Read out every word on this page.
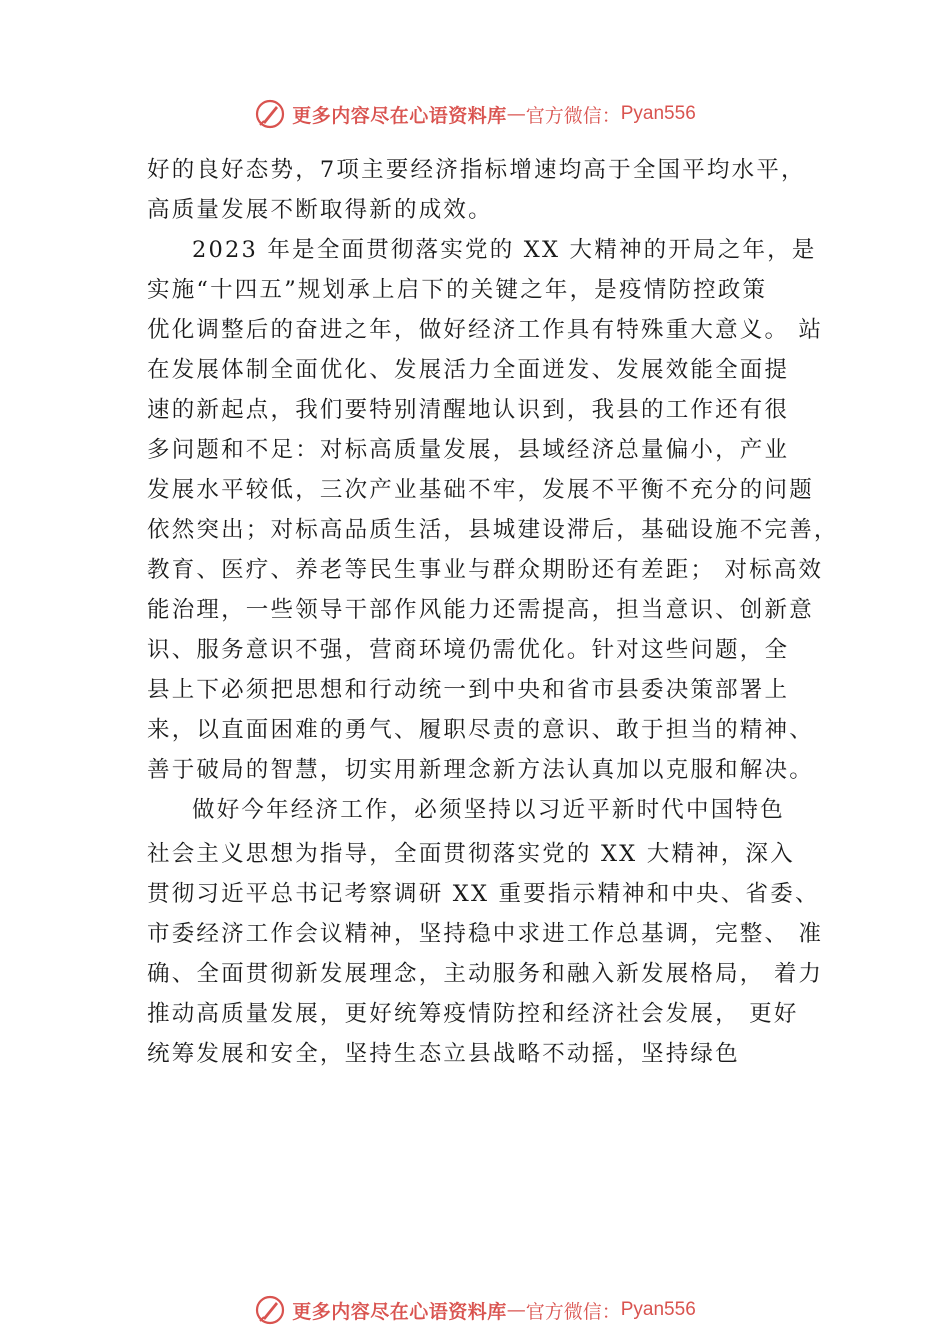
更多内容尽在心语资料库 — 官方微信： Pyan556
好的良好态势，7项主要经济指标增速均高于全国平均水平，
高质量发展不断取得新的成效。
2023 年是全面贯彻落实党的 XX 大精神的开局之年，是
实施“十四五”规划承上启下的关键之年，是疫情防控政策
优化调整后的奋进之年，做好经济工作具有特殊重大意义。 站
在发展体制全面优化、发展活力全面迸发、发展效能全面提
速的新起点，我们要特别清醒地认识到，我县的工作还有很
多问题和不足：对标高质量发展，县域经济总量偏小，产业
发展水平较低，三次产业基础不牢，发展不平衡不充分的问题
依然突出；对标高品质生活，县城建设滞后，基础设施不完善，
教育、医疗、养老等民生事业与群众期盼还有差距； 对标高效
能治理，一些领导干部作风能力还需提高，担当意识、创新意
识、服务意识不强，营商环境仍需优化。针对这些问题，全
县上下必须把思想和行动统一到中央和省市县委决策部署上
来，以直面困难的勇气、履职尽责的意识、敢于担当的精神、
善于破局的智慧，切实用新理念新方法认真加以克服和解决。
做好今年经济工作，必须坚持以习近平新时代中国特色
社会主义思想为指导，全面贯彻落实党的 XX 大精神，深入
贯彻习近平总书记考察调研 XX 重要指示精神和中央、省委、
市委经济工作会议精神，坚持稳中求进工作总基调，完整、 准
确、全面贯彻新发展理念，主动服务和融入新发展格局， 着力
推动高质量发展，更好统筹疫情防控和经济社会发展， 更好
统筹发展和安全，坚持生态立县战略不动摇，坚持绿色
更多内容尽在心语资料库 — 官方微信： Pyan556
